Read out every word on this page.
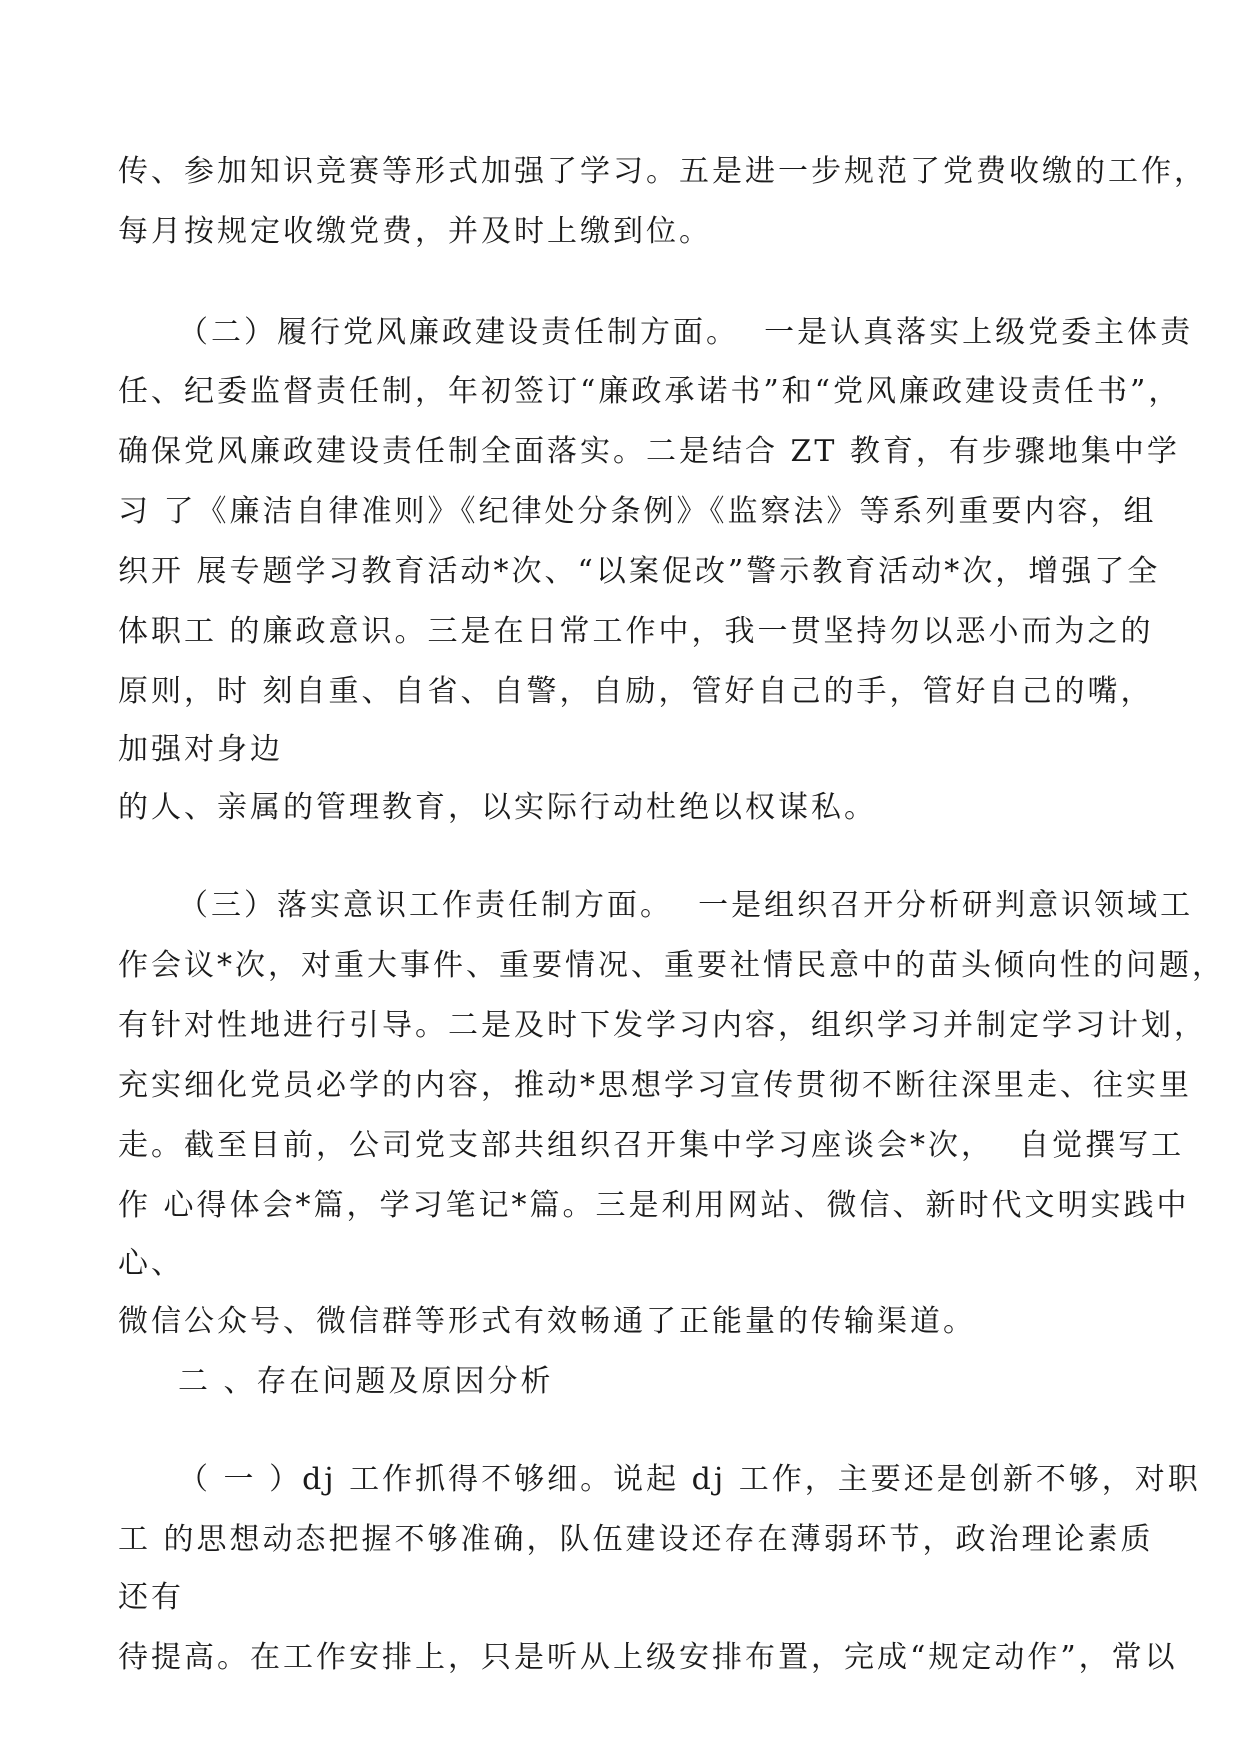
传、参加知识竞赛等形式加强了学习。五是进一步规范了党费收缴的工作，
每月按规定收缴党费，并及时上缴到位。
（二）履行党风廉政建设责任制方面。  一是认真落实上级党委主体责
任、纪委监督责任制，年初签订“廉政承诺书”和“党风廉政建设责任书”，
确保党风廉政建设责任制全面落实。二是结合 ZT 教育，有步骤地集中学
习 了《廉洁自律准则》《纪律处分条例》《监察法》等系列重要内容，组
织开 展专题学习教育活动*次、“以案促改”警示教育活动*次，增强了全
体职工 的廉政意识。三是在日常工作中，我一贯坚持勿以恶小而为之的
原则，时 刻自重、自省、自警，自励，管好自己的手，管好自己的嘴，
加强对身边
的人、亲属的管理教育，以实际行动杜绝以权谋私。
（三）落实意识工作责任制方面。  一是组织召开分析研判意识领域工
作会议*次，对重大事件、重要情况、重要社情民意中的苗头倾向性的问题，
有针对性地进行引导。二是及时下发学习内容，组织学习并制定学习计划，
充实细化党员必学的内容，推动*思想学习宣传贯彻不断往深里走、往实里
走。截至目前，公司党支部共组织召开集中学习座谈会*次，  自觉撰写工
作 心得体会*篇，学习笔记*篇。三是利用网站、微信、新时代文明实践中
心、
微信公众号、微信群等形式有效畅通了正能量的传输渠道。
二 、存在问题及原因分析
（ 一 ）dj 工作抓得不够细。说起 dj 工作，主要还是创新不够，对职
工 的思想动态把握不够准确，队伍建设还存在薄弱环节，政治理论素质
还有
待提高。在工作安排上，只是听从上级安排布置，完成“规定动作”，常以
